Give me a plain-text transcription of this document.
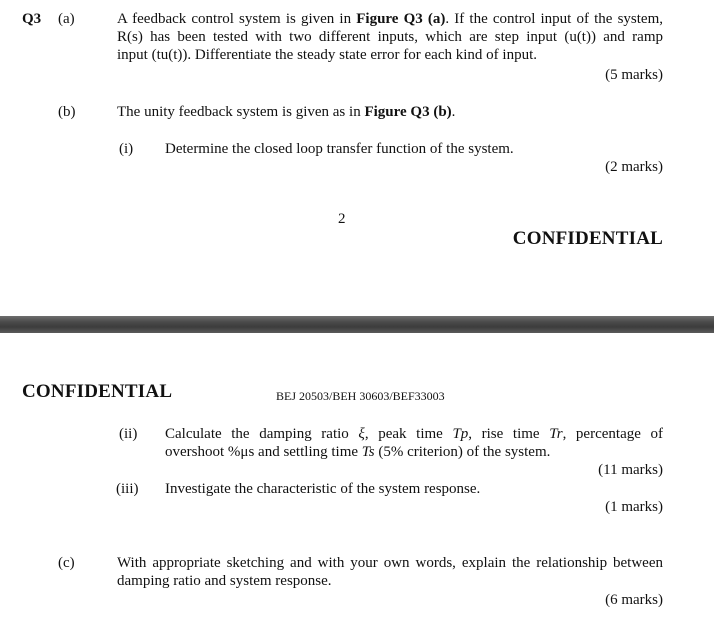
Q3 (a)	A feedback control system is given in Figure Q3 (a). If the control input of the system,
R(s) has been tested with two different inputs, which are step input (u(t)) and ramp
input (tu(t)). Differentiate the steady state error for each kind of input.
(5 marks)
(b)	The unity feedback system is given as in Figure Q3 (b).
(i) Determine the closed loop transfer function of the system.
(2 marks)
2
CONFIDENTIAL
CONFIDENTIAL	BEJ 20503/BEH 30603/BEF33003
(ii) Calculate the damping ratio ξ, peak time Tp, rise time Tr, percentage of
overshoot %μs and settling time Ts (5% criterion) of the system.
(11 marks)
(iii) Investigate the characteristic of the system response.
(1 marks)
(c)	With appropriate sketching and with your own words, explain the relationship between
damping ratio and system response.
(6 marks)
